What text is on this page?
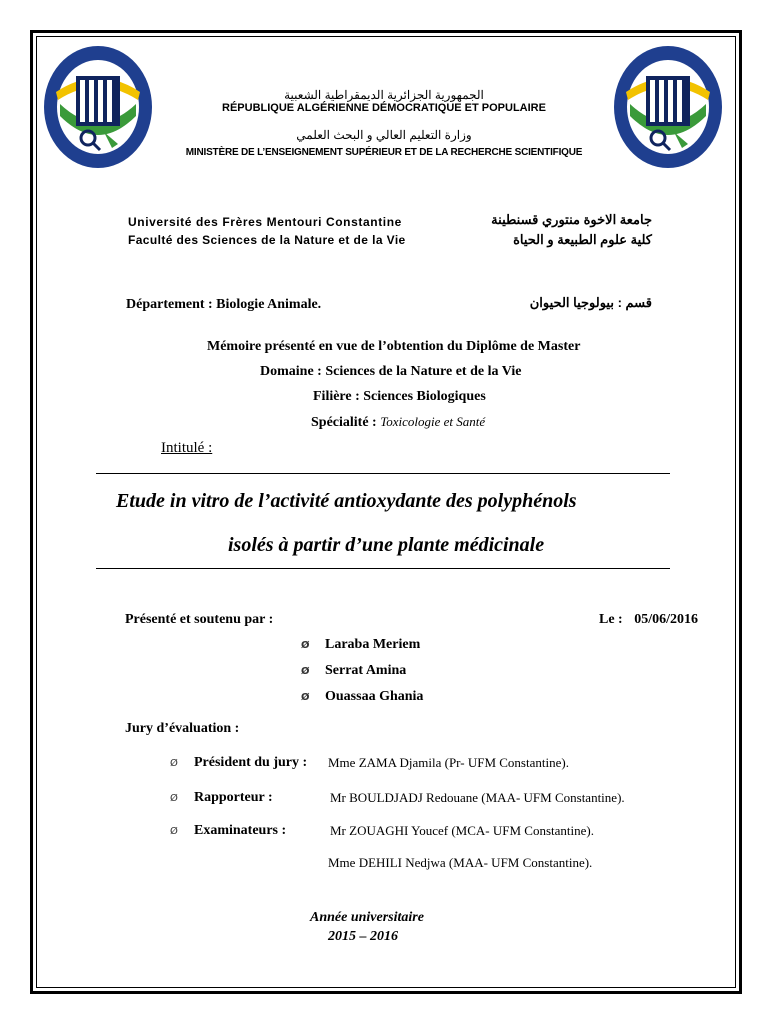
الجمهورية الجزائرية الديمقراطية الشعبية
RÉPUBLIQUE ALGÉRIENNE DÉMOCRATIQUE ET POPULAIRE
وزارة التعليم العالي و البحث العلمي
MINISTÈRE DE L’ENSEIGNEMENT SUPÉRIEUR ET DE LA RECHERCHE SCIENTIFIQUE
Université des Frères Mentouri Constantine
Faculté des Sciences de la Nature et de la Vie
جامعة الاخوة منتوري قسنطينة
كلية علوم الطبيعة و الحياة
Département : Biologie Animale.	قسم : بيولوجيا الحيوان
Mémoire présenté en vue de l’obtention du Diplôme de Master
Domaine : Sciences de la Nature et de la Vie
Filière : Sciences Biologiques
Spécialité : Toxicologie et Santé
Intitulé :
Etude in vitro de l’activité antioxydante des polyphénols
isolés à partir d’une plante médicinale
Présenté et soutenu par :	Le : 05/06/2016
Ø Laraba Meriem
Ø Serrat Amina
Ø Ouassaa Ghania
Jury d’évaluation :
Ø Président du jury : Mme ZAMA Djamila (Pr- UFM Constantine).
Ø Rapporteur :	Mr BOULDJADJ Redouane (MAA- UFM Constantine).
Ø Examinateurs :	Mr ZOUAGHI Youcef (MCA- UFM Constantine).
Mme DEHILI Nedjwa (MAA- UFM Constantine).
Année universitaire
2015 – 2016
